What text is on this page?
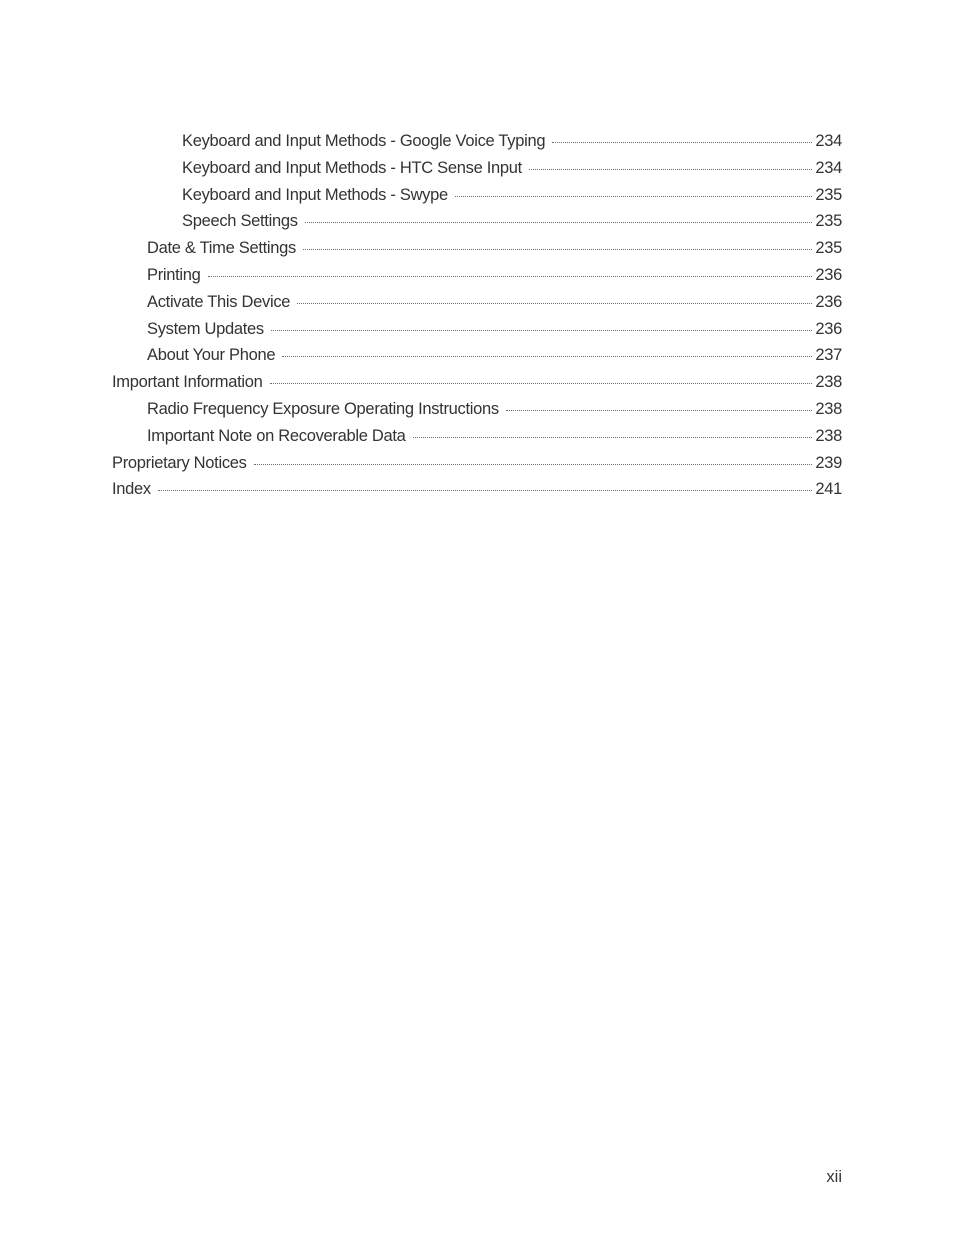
Keyboard and Input Methods - Google Voice Typing	234
Keyboard and Input Methods - HTC Sense Input	234
Keyboard and Input Methods - Swype	235
Speech Settings	235
Date & Time Settings	235
Printing	236
Activate This Device	236
System Updates	236
About Your Phone	237
Important Information	238
Radio Frequency Exposure Operating Instructions	238
Important Note on Recoverable Data	238
Proprietary Notices	239
Index	241
xii
